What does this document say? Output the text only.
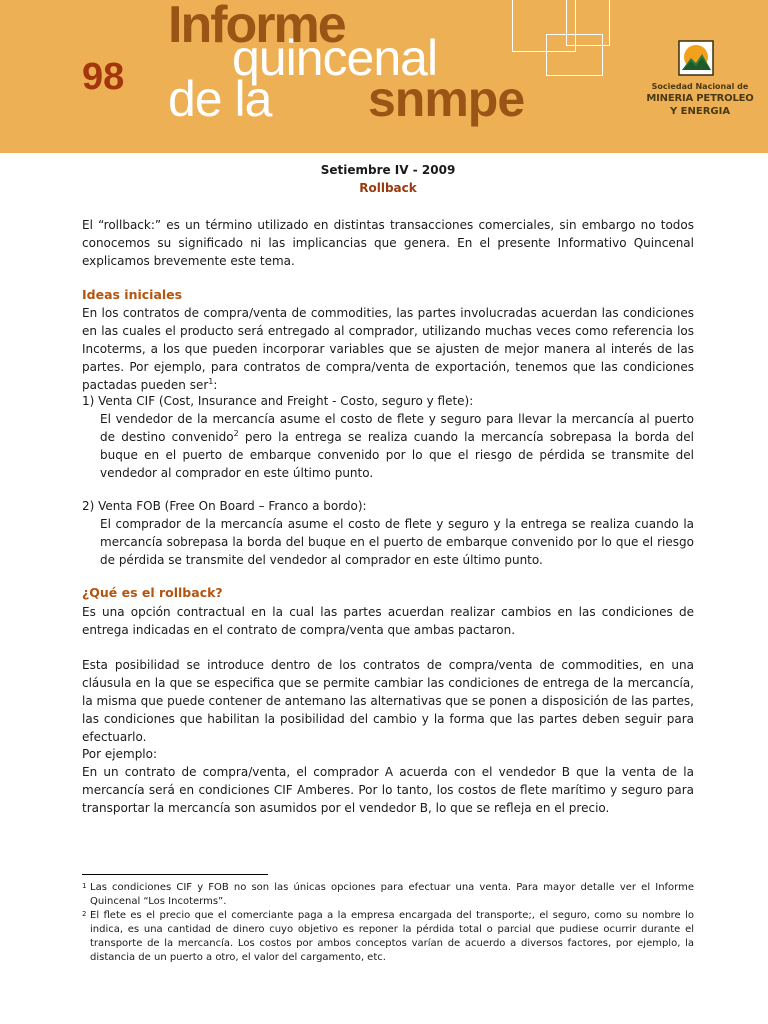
98
Informe
quincenal
de la snmpe	Sociedad Nacional de
MINERIA PETROLEO
Y ENERGIA
Setiembre IV - 2009
Rollback

El “rollback:” es un término utilizado en distintas transacciones comerciales, sin embargo no todos conocemos su significado ni las implicancias que genera. En el presente Informativo Quincenal explicamos brevemente este tema.

Ideas iniciales

En los contratos de compra/venta de commodities, las partes involucradas acuerdan las condiciones en las cuales el producto será entregado al comprador, utilizando muchas veces como referencia los Incoterms, a los que pueden incorporar variables que se ajusten de mejor manera al interés de las partes. Por ejemplo, para contratos de compra/venta de exportación, tenemos que las condiciones pactadas pueden ser$^1$:

1) Venta CIF (Cost, Insurance and Freight - Costo, seguro y flete):

El vendedor de la mercancía asume el costo de flete y seguro para llevar la mercancía al puerto de destino convenido$^2$ pero la entrega se realiza cuando la mercancía sobrepasa la borda del buque en el puerto de embarque convenido por lo que el riesgo de pérdida se transmite del vendedor al comprador en este último punto.

2) Venta FOB (Free On Board – Franco a bordo):

El comprador de la mercancía asume el costo de flete y seguro y la entrega se realiza cuando la mercancía sobrepasa la borda del buque en el puerto de embarque convenido por lo que el riesgo de pérdida se transmite del vendedor al comprador en este último punto.

¿Qué es el rollback?

Es una opción contractual en la cual las partes acuerdan realizar cambios en las condiciones de entrega indicadas en el contrato de compra/venta que ambas pactaron.

Esta posibilidad se introduce dentro de los contratos de compra/venta de commodities, en una cláusula en la que se especifica que se permite cambiar las condiciones de entrega de la mercancía, la misma que puede contener de antemano las alternativas que se ponen a disposición de las partes, las condiciones que habilitan la posibilidad del cambio y la forma que las partes deben seguir para efectuarlo.

Por ejemplo:

En un contrato de compra/venta, el comprador A acuerda con el vendedor B que la venta de la mercancía será en condiciones CIF Amberes. Por lo tanto, los costos de flete marítimo y seguro para transportar la mercancía son asumidos por el vendedor B, lo que se refleja en el precio.

1 Las condiciones CIF y FOB no son las únicas opciones para efectuar una venta. Para mayor detalle ver el Informe Quincenal “Los Incoterms”.
2 El flete es el precio que el comerciante paga a la empresa encargada del transporte;, el seguro, como su nombre lo indica, es una cantidad de dinero cuyo objetivo es reponer la pérdida total o parcial que pudiese ocurrir durante el transporte de la mercancía. Los costos por ambos conceptos varían de acuerdo a diversos factores, por ejemplo, la distancia de un puerto a otro, el valor del cargamento, etc.
